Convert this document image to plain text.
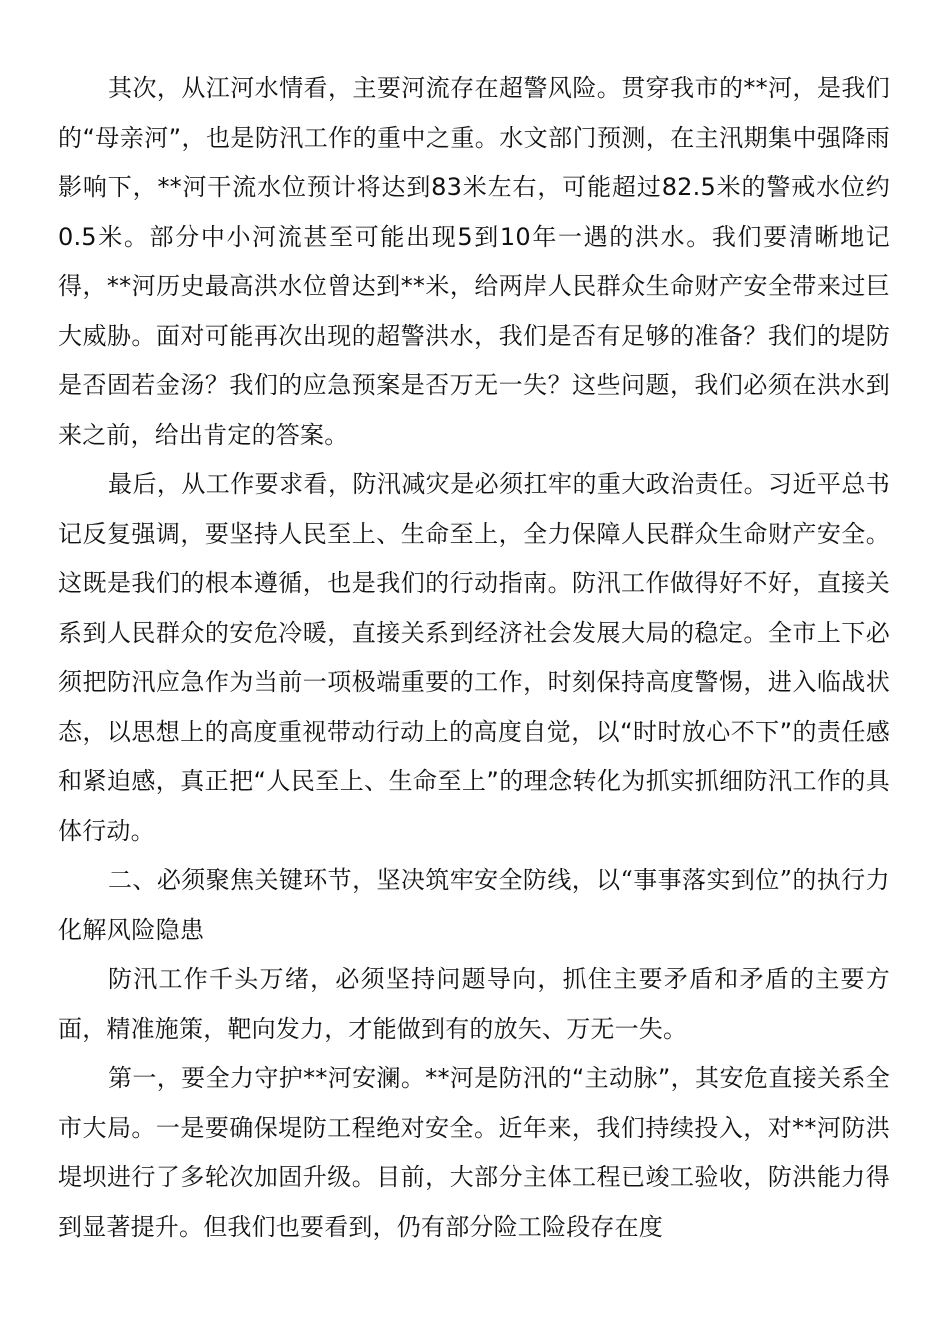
其次，从江河水情看，主要河流存在超警风险。贯穿我市的**河，是我们的“母亲河”，也是防汛工作的重中之重。水文部门预测，在主汛期集中强降雨影响下，**河干流水位预计将达到83米左右，可能超过82.5米的警戒水位约0.5米。部分中小河流甚至可能出现5到10年一遇的洪水。我们要清晰地记得，**河历史最高洪水位曾达到**米，给两岸人民群众生命财产安全带来过巨大威胁。面对可能再次出现的超警洪水，我们是否有足够的准备？我们的堤防是否固若金汤？我们的应急预案是否万无一失？这些问题，我们必须在洪水到来之前，给出肯定的答案。

最后，从工作要求看，防汛减灾是必须扛牢的重大政治责任。习近平总书记反复强调，要坚持人民至上、生命至上，全力保障人民群众生命财产安全。这既是我们的根本遵循，也是我们的行动指南。防汛工作做得好不好，直接关系到人民群众的安危冷暖，直接关系到经济社会发展大局的稳定。全市上下必须把防汛应急作为当前一项极端重要的工作，时刻保持高度警惕，进入临战状态，以思想上的高度重视带动行动上的高度自觉，以“时时放心不下”的责任感和紧迫感，真正把“人民至上、生命至上”的理念转化为抓实抓细防汛工作的具体行动。

二、必须聚焦关键环节，坚决筑牢安全防线，以“事事落实到位”的执行力化解风险隐患

防汛工作千头万绪，必须坚持问题导向，抓住主要矛盾和矛盾的主要方面，精准施策，靶向发力，才能做到有的放矢、万无一失。

第一，要全力守护**河安澜。**河是防汛的“主动脉”，其安危直接关系全市大局。一是要确保堤防工程绝对安全。近年来，我们持续投入，对**河防洪堤坝进行了多轮次加固升级。目前，大部分主体工程已竣工验收，防洪能力得到显著提升。但我们也要看到，仍有部分险工险段存在度
